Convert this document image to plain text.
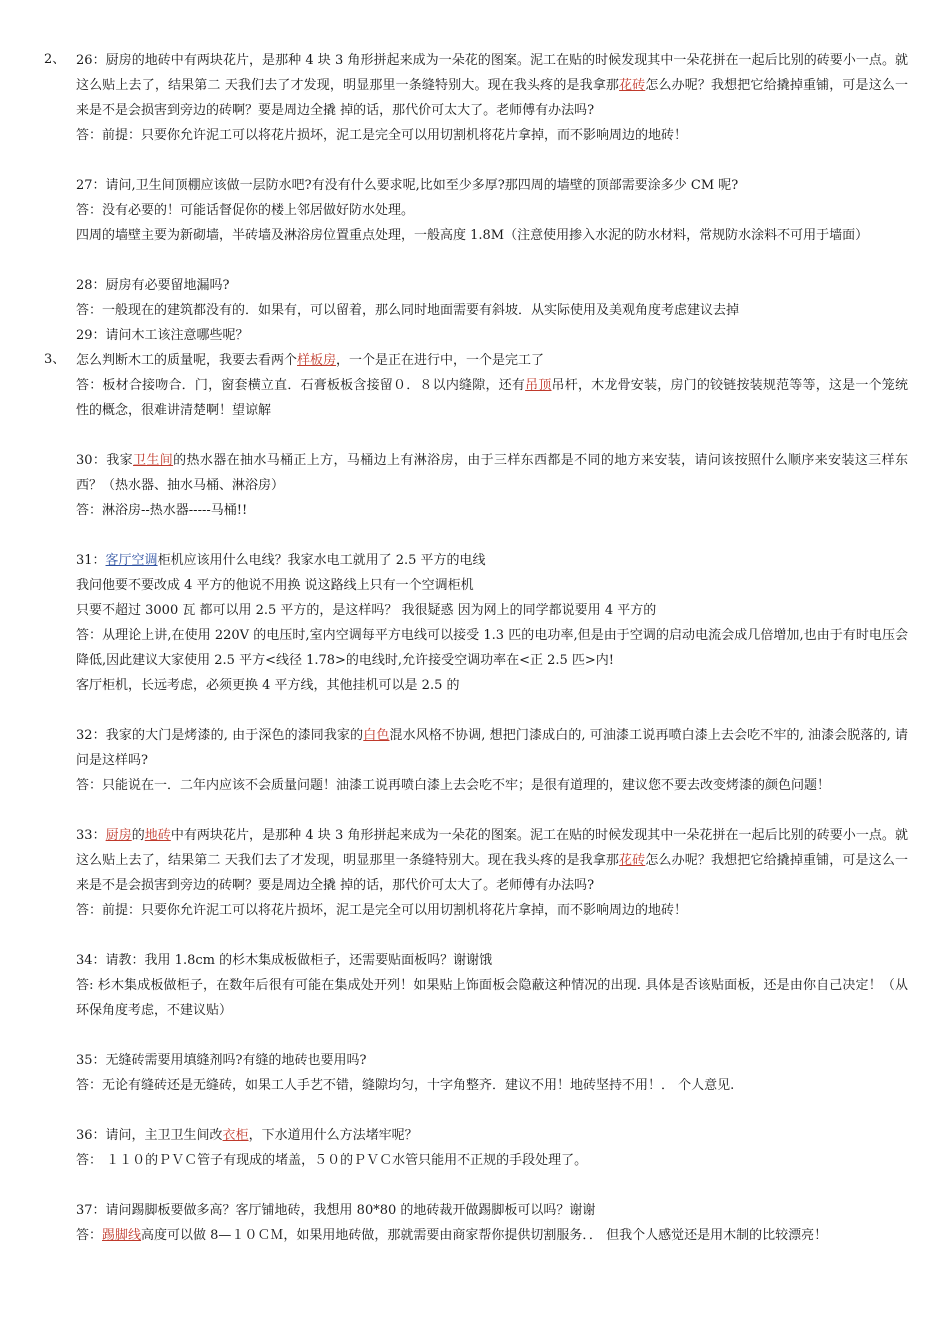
2、
3、
26：厨房的地砖中有两块花片，是那种 4 块 3 角形拼起来成为一朵花的图案。泥工在贴的时候发现其中一朵花拼在一起后比别的砖要小一点。就这么贴上去了，结果第二 天我们去了才发现，明显那里一条缝特别大。现在我头疼的是我拿那花砖怎么办呢？我想把它给撬掉重铺，可是这么一来是不是会损害到旁边的砖啊？要是周边全撬 掉的话，那代价可太大了。老师傅有办法吗?
答：前提：只要你允许泥工可以将花片损坏，泥工是完全可以用切割机将花片拿掉，而不影响周边的地砖！
27：请问,卫生间顶棚应该做一层防水吧?有没有什么要求呢,比如至少多厚?那四周的墙壁的顶部需要涂多少 CM 呢?
答：没有必要的！可能话督促你的楼上邻居做好防水处理。
四周的墙壁主要为新砌墙，半砖墙及淋浴房位置重点处理，一般高度 1.8M（注意使用掺入水泥的防水材料，常规防水涂料不可用于墙面）
28：厨房有必要留地漏吗?
答：一般现在的建筑都没有的．如果有，可以留着，那么同时地面需要有斜坡．从实际使用及美观角度考虑建议去掉
29：请问木工该注意哪些呢？
怎么判断木工的质量呢，我要去看两个样板房，一个是正在进行中，一个是完工了
答：板材合接吻合．门，窗套横立直．石膏板板含接留０．８以内缝隙，还有吊顶吊杆，木龙骨安装，房门的铰链按装规范等等，这是一个笼统性的概念，很难讲清楚啊！望谅解
30：我家卫生间的热水器在抽水马桶正上方，马桶边上有淋浴房，由于三样东西都是不同的地方来安装，请问该按照什么顺序来安装这三样东西？（热水器、抽水马桶、淋浴房）
答：淋浴房--热水器-----马桶!!
31：客厅空调柜机应该用什么电线？我家水电工就用了 2.5 平方的电线
我问他要不要改成 4 平方的他说不用换 说这路线上只有一个空调柜机
只要不超过 3000 瓦 都可以用 2.5 平方的，是这样吗？ 我很疑惑 因为网上的同学都说要用 4 平方的
答：从理论上讲,在使用 220V 的电压时,室内空调每平方电线可以接受 1.3 匹的电功率,但是由于空调的启动电流会成几倍增加,也由于有时电压会降低,因此建议大家使用 2.5 平方<线径 1.78>的电线时,允许接受空调功率在<正 2.5 匹>内!
客厅柜机，长远考虑，必须更换 4 平方线，其他挂机可以是 2.5 的
32：我家的大门是烤漆的, 由于深色的漆同我家的白色混水风格不协调, 想把门漆成白的, 可油漆工说再喷白漆上去会吃不牢的, 油漆会脱落的, 请问是这样吗?
答：只能说在一．二年内应该不会质量问题！油漆工说再喷白漆上去会吃不牢；是很有道理的，建议您不要去改变烤漆的颜色问题！
33：厨房的地砖中有两块花片，是那种 4 块 3 角形拼起来成为一朵花的图案。泥工在贴的时候发现其中一朵花拼在一起后比别的砖要小一点。就这么贴上去了，结果第二 天我们去了才发现，明显那里一条缝特别大。现在我头疼的是我拿那花砖怎么办呢？我想把它给撬掉重铺，可是这么一来是不是会损害到旁边的砖啊？要是周边全撬 掉的话，那代价可太大了。老师傅有办法吗?
答：前提：只要你允许泥工可以将花片损坏，泥工是完全可以用切割机将花片拿掉，而不影响周边的地砖！
34：请教：我用 1.8cm 的杉木集成板做柜子，还需要贴面板吗？谢谢饿
答: 杉木集成板做柜子，在数年后很有可能在集成处开列！如果贴上饰面板会隐蔽这种情况的出现. 具体是否该贴面板，还是由你自己决定！（从环保角度考虑，不建议贴）
35：无缝砖需要用填缝剂吗?有缝的地砖也要用吗?
答：无论有缝砖还是无缝砖，如果工人手艺不错，缝隙均匀，十字角整齐．建议不用！地砖坚持不用！． 个人意见.
36：请问，主卫卫生间改衣柜，下水道用什么方法堵牢呢？
答： １１０的ＰＶＣ管子有现成的堵盖，５０的ＰＶＣ水管只能用不正规的手段处理了。
37：请问踢脚板要做多高？客厅铺地砖，我想用 80*80 的地砖裁开做踢脚板可以吗？谢谢
答：踢脚线高度可以做 8—１０ＣＭ，如果用地砖做，那就需要由商家帮你提供切割服务．． 但我个人感觉还是用木制的比较漂亮！
